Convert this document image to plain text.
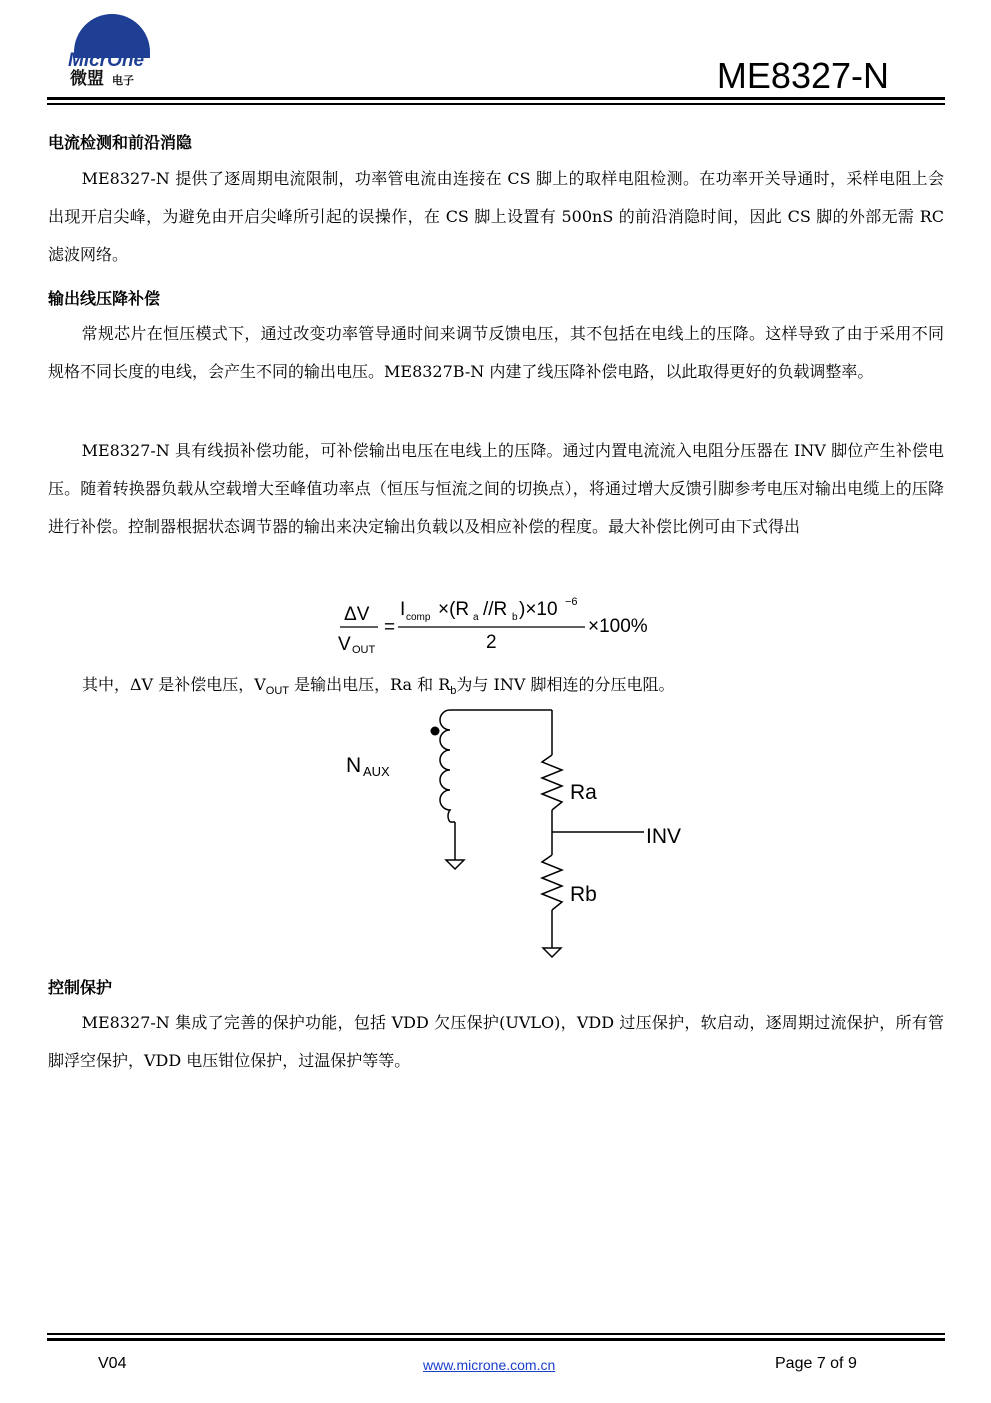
MicrOne
微盟 电子	ME8327-N
电流检测和前沿消隐

ME8327-N 提供了逐周期电流限制，功率管电流由连接在 CS 脚上的取样电阻检测。在功率开关导通时，采样电阻上会出现开启尖峰，为避免由开启尖峰所引起的误操作，在 CS 脚上设置有 500nS 的前沿消隐时间，因此 CS 脚的外部无需 RC 滤波网络。

输出线压降补偿

常规芯片在恒压模式下，通过改变功率管导通时间来调节反馈电压，其不包括在电线上的压降。这样导致了由于采用不同规格不同长度的电线，会产生不同的输出电压。ME8327B-N 内建了线压降补偿电路，以此取得更好的负载调整率。

ME8327-N 具有线损补偿功能，可补偿输出电压在电线上的压降。通过内置电流流入电阻分压器在 INV 脚位产生补偿电压。随着转换器负载从空载增大至峰值功率点（恒压与恒流之间的切换点），将通过增大反馈引脚参考电压对输出电缆上的压降进行补偿。控制器根据状态调节器的输出来决定输出负载以及相应补偿的程度。最大补偿比例可由下式得出

ΔV
V OUT
=
I comp ×(R a //R b )×10 −6
2
×100%
其中，ΔV 是补偿电压，$V_{OUT}$ 是输出电压，Ra 和 $R_b$为与 INV 脚相连的分压电阻。
N AUX
Ra
INV
Rb
控制保护

ME8327-N 集成了完善的保护功能，包括 VDD 欠压保护(UVLO)，VDD 过压保护，软启动，逐周期过流保护，所有管脚浮空保护，VDD 电压钳位保护，过温保护等等。

V04	www.microne.com.cn	Page 7 of 9
